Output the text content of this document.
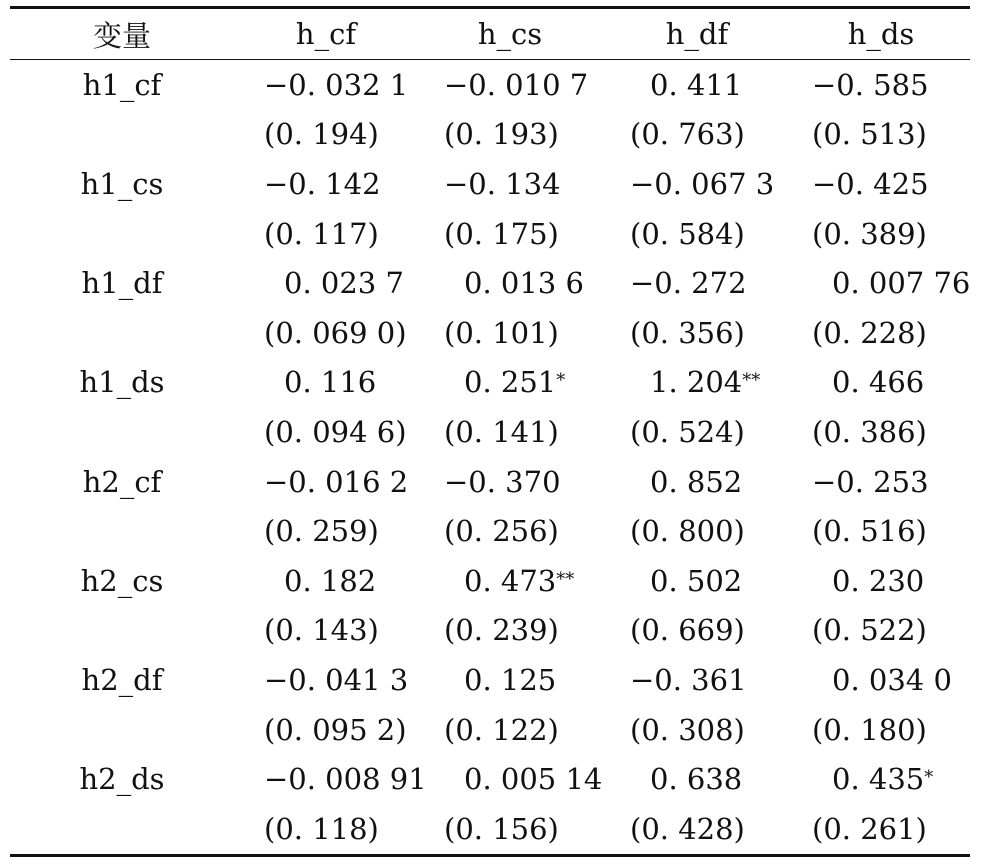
变量	h_cf	h_cs	h_df	h_ds

h1_cf	−0. 032 1	−0. 010 7	0. 411	−0. 585
	(0. 194)	(0. 193)	(0. 763)	(0. 513)
h1_cs	−0. 142	−0. 134	−0. 067 3	−0. 425
	(0. 117)	(0. 175)	(0. 584)	(0. 389)
h1_df	0. 023 7	0. 013 6	−0. 272	0. 007 76
	(0. 069 0)	(0. 101)	(0. 356)	(0. 228)
h1_ds	0. 116	0. 251*	1. 204**	0. 466
	(0. 094 6)	(0. 141)	(0. 524)	(0. 386)
h2_cf	−0. 016 2	−0. 370	0. 852	−0. 253
	(0. 259)	(0. 256)	(0. 800)	(0. 516)
h2_cs	0. 182	0. 473**	0. 502	0. 230
	(0. 143)	(0. 239)	(0. 669)	(0. 522)
h2_df	−0. 041 3	0. 125	−0. 361	0. 034 0
	(0. 095 2)	(0. 122)	(0. 308)	(0. 180)
h2_ds	−0. 008 91	0. 005 14	0. 638	0. 435*
	(0. 118)	(0. 156)	(0. 428)	(0. 261)
